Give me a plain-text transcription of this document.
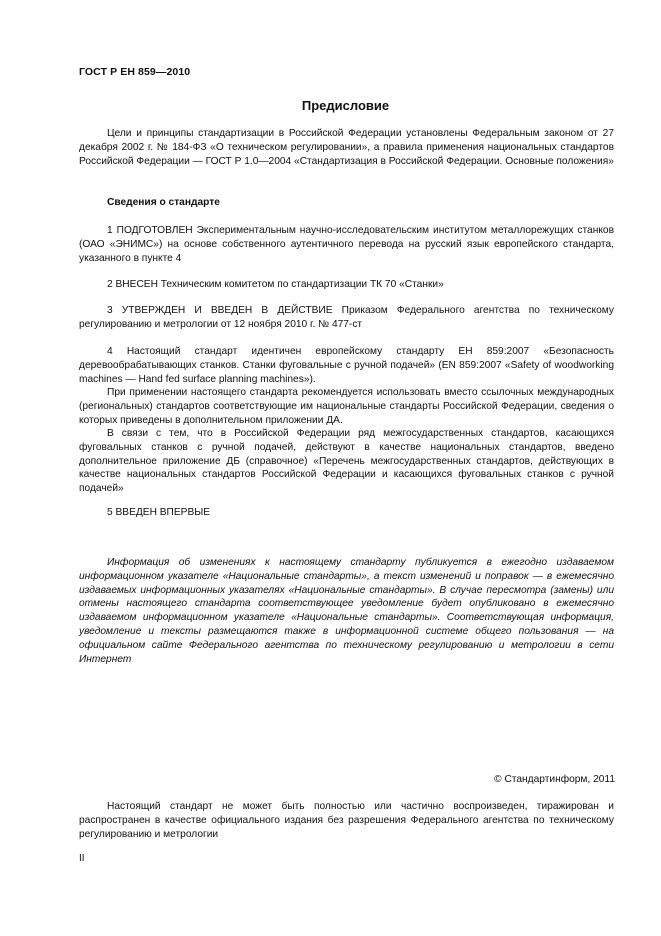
ГОСТ Р ЕН 859—2010
Предисловие

Цели и принципы стандартизации в Российской Федерации установлены Федеральным законом от 27 декабря 2002 г. № 184-ФЗ «О техническом регулировании», а правила применения национальных стандартов Российской Федерации — ГОСТ Р 1.0—2004 «Стандартизация в Российской Федерации. Основные положения»

Сведения о стандарте

1 ПОДГОТОВЛЕН Экспериментальным научно-исследовательским институтом металлорежущих станков (ОАО «ЭНИМС») на основе собственного аутентичного перевода на русский язык европейского стандарта, указанного в пункте 4

2 ВНЕСЕН Техническим комитетом по стандартизации ТК 70 «Станки»

3 УТВЕРЖДЕН И ВВЕДЕН В ДЕЙСТВИЕ Приказом Федерального агентства по техническому регулированию и метрологии от 12 ноября 2010 г. № 477-ст

4 Настоящий стандарт идентичен европейскому стандарту ЕН 859:2007 «Безопасность деревообрабатывающих станков. Станки фуговальные с ручной подачей» (EN 859:2007 «Safety of woodworking machines — Hand fed surface planning machines»).

При применении настоящего стандарта рекомендуется использовать вместо ссылочных международных (региональных) стандартов соответствующие им национальные стандарты Российской Федерации, сведения о которых приведены в дополнительном приложении ДА.

В связи с тем, что в Российской Федерации ряд межгосударственных стандартов, касающихся фуговальных станков с ручной подачей, действуют в качестве национальных стандартов, введено дополнительное приложение ДБ (справочное) «Перечень межгосударственных стандартов, действующих в качестве национальных стандартов Российской Федерации и касающихся фуговальных станков с ручной подачей»

5 ВВЕДЕН ВПЕРВЫЕ

Информация об изменениях к настоящему стандарту публикуется в ежегодно издаваемом информационном указателе «Национальные стандарты», а текст изменений и поправок — в ежемесячно издаваемых информационных указателях «Национальные стандарты». В случае пересмотра (замены) или отмены настоящего стандарта соответствующее уведомление будет опубликовано в ежемесячно издаваемом информационном указателе «Национальные стандарты». Соответствующая информация, уведомление и тексты размещаются также в информационной системе общего пользования — на официальном сайте Федерального агентства по техническому регулированию и метрологии в сети Интернет

© Стандартинформ, 2011

Настоящий стандарт не может быть полностью или частично воспроизведен, тиражирован и распространен в качестве официального издания без разрешения Федерального агентства по техническому регулированию и метрологии

II
